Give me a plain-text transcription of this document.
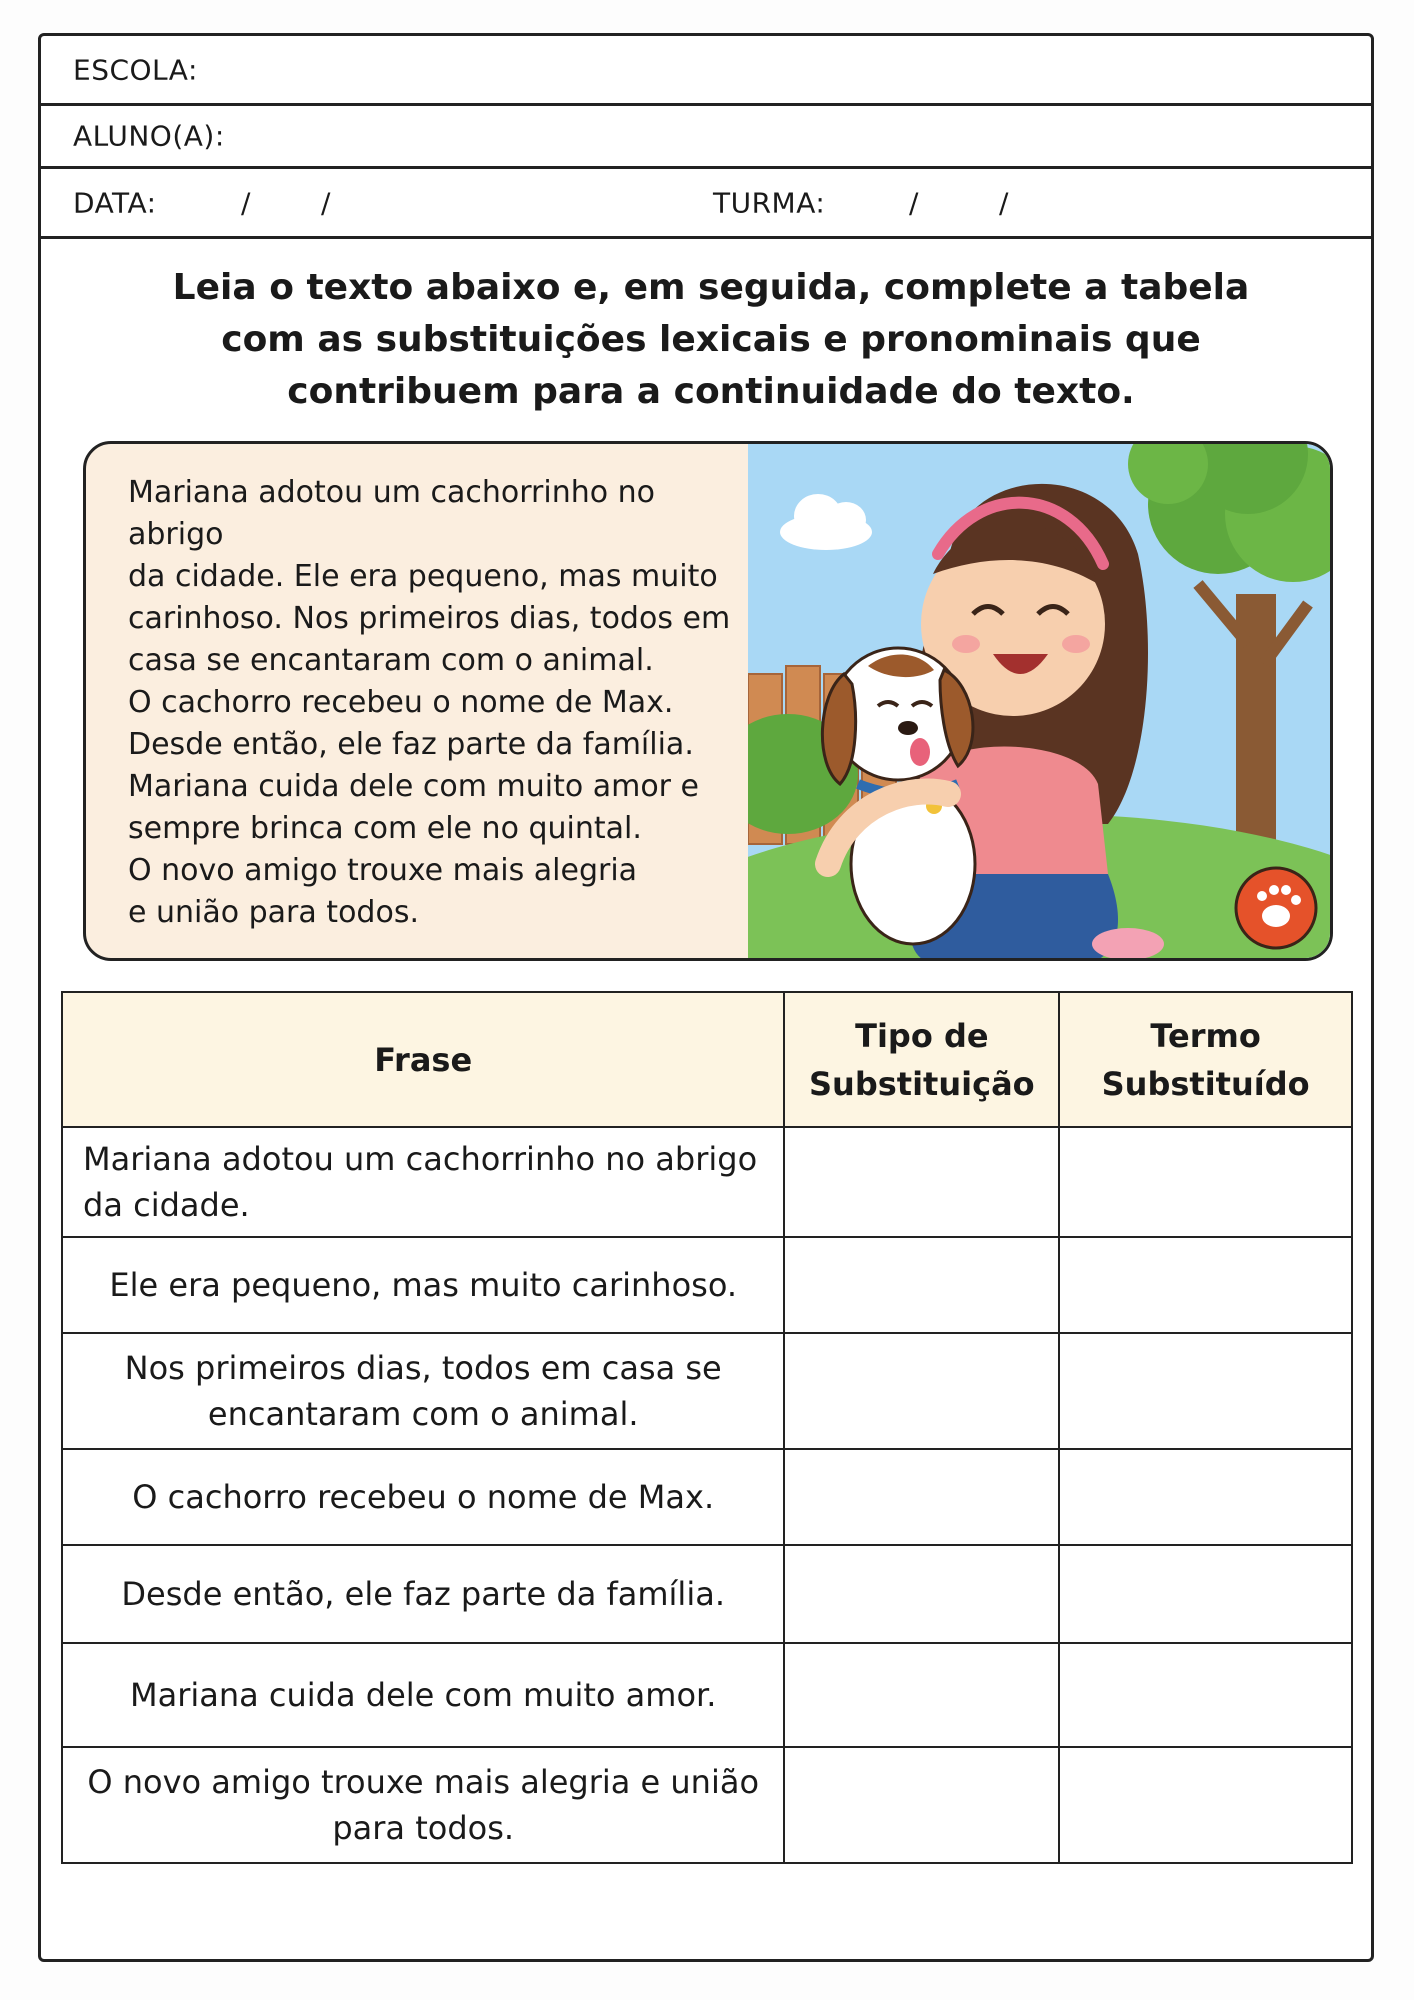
ESCOLA:
ALUNO(A):
DATA:	/	/	TURMA:	/	/
Leia o texto abaixo e, em seguida, complete a tabela com as substituições lexicais e pronominais que contribuem para a continuidade do texto.
Mariana adotou um cachorrinho no abrigo
da cidade. Ele era pequeno, mas muito
carinhoso. Nos primeiros dias, todos em
casa se encantaram com o animal.
O cachorro recebeu o nome de Max.
Desde então, ele faz parte da família.
Mariana cuida dele com muito amor e
sempre brinca com ele no quintal.
O novo amigo trouxe mais alegria
e união para todos.
Frase	Tipo de Substituição	Termo Substituído
Mariana adotou um cachorrinho no abrigo da cidade.		
Ele era pequeno, mas muito carinhoso.		
Nos primeiros dias, todos em casa se encantaram com o animal.		
O cachorro recebeu o nome de Max.		
Desde então, ele faz parte da família.		
Mariana cuida dele com muito amor.		
O novo amigo trouxe mais alegria e união para todos.		
